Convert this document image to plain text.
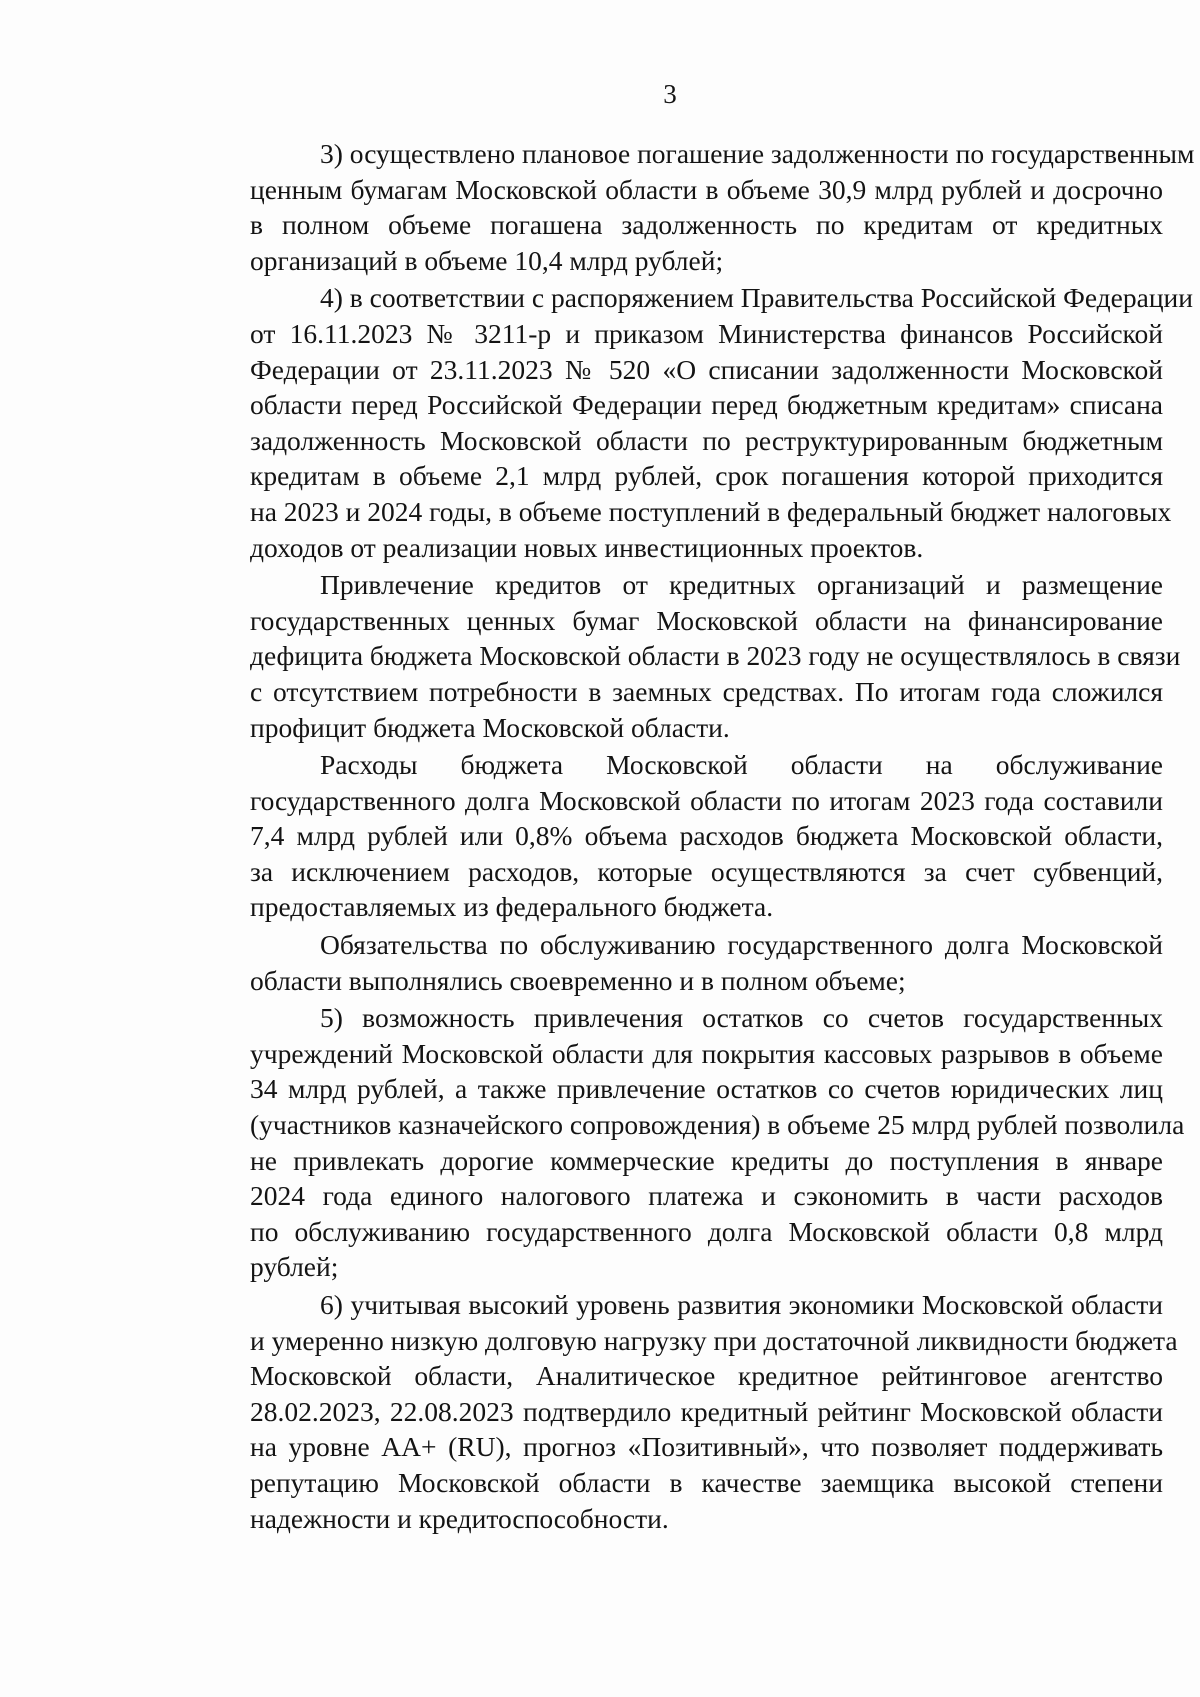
3

3) осуществлено плановое погашение задолженности по государственным
ценным бумагам Московской области в объеме 30,9 млрд рублей и досрочно
в полном объеме погашена задолженность по кредитам от кредитных
организаций в объеме 10,4 млрд рублей;

4) в соответствии с распоряжением Правительства Российской Федерации
от 16.11.2023 № 3211-р и приказом Министерства финансов Российской
Федерации от 23.11.2023 № 520 «О списании задолженности Московской
области перед Российской Федерации перед бюджетным кредитам» списана
задолженность Московской области по реструктурированным бюджетным
кредитам в объеме 2,1 млрд рублей, срок погашения которой приходится
на 2023 и 2024 годы, в объеме поступлений в федеральный бюджет налоговых
доходов от реализации новых инвестиционных проектов.

Привлечение кредитов от кредитных организаций и размещение
государственных ценных бумаг Московской области на финансирование
дефицита бюджета Московской области в 2023 году не осуществлялось в связи
с отсутствием потребности в заемных средствах. По итогам года сложился
профицит бюджета Московской области.

Расходы бюджета Московской области на обслуживание
государственного долга Московской области по итогам 2023 года составили
7,4 млрд рублей или 0,8% объема расходов бюджета Московской области,
за исключением расходов, которые осуществляются за счет субвенций,
предоставляемых из федерального бюджета.

Обязательства по обслуживанию государственного долга Московской
области выполнялись своевременно и в полном объеме;

5) возможность привлечения остатков со счетов государственных
учреждений Московской области для покрытия кассовых разрывов в объеме
34 млрд рублей, а также привлечение остатков со счетов юридических лиц
(участников казначейского сопровождения) в объеме 25 млрд рублей позволила
не привлекать дорогие коммерческие кредиты до поступления в январе
2024 года единого налогового платежа и сэкономить в части расходов
по обслуживанию государственного долга Московской области 0,8 млрд
рублей;

6) учитывая высокий уровень развития экономики Московской области
и умеренно низкую долговую нагрузку при достаточной ликвидности бюджета
Московской области, Аналитическое кредитное рейтинговое агентство
28.02.2023, 22.08.2023 подтвердило кредитный рейтинг Московской области
на уровне АА+ (RU), прогноз «Позитивный», что позволяет поддерживать
репутацию Московской области в качестве заемщика высокой степени
надежности и кредитоспособности.
